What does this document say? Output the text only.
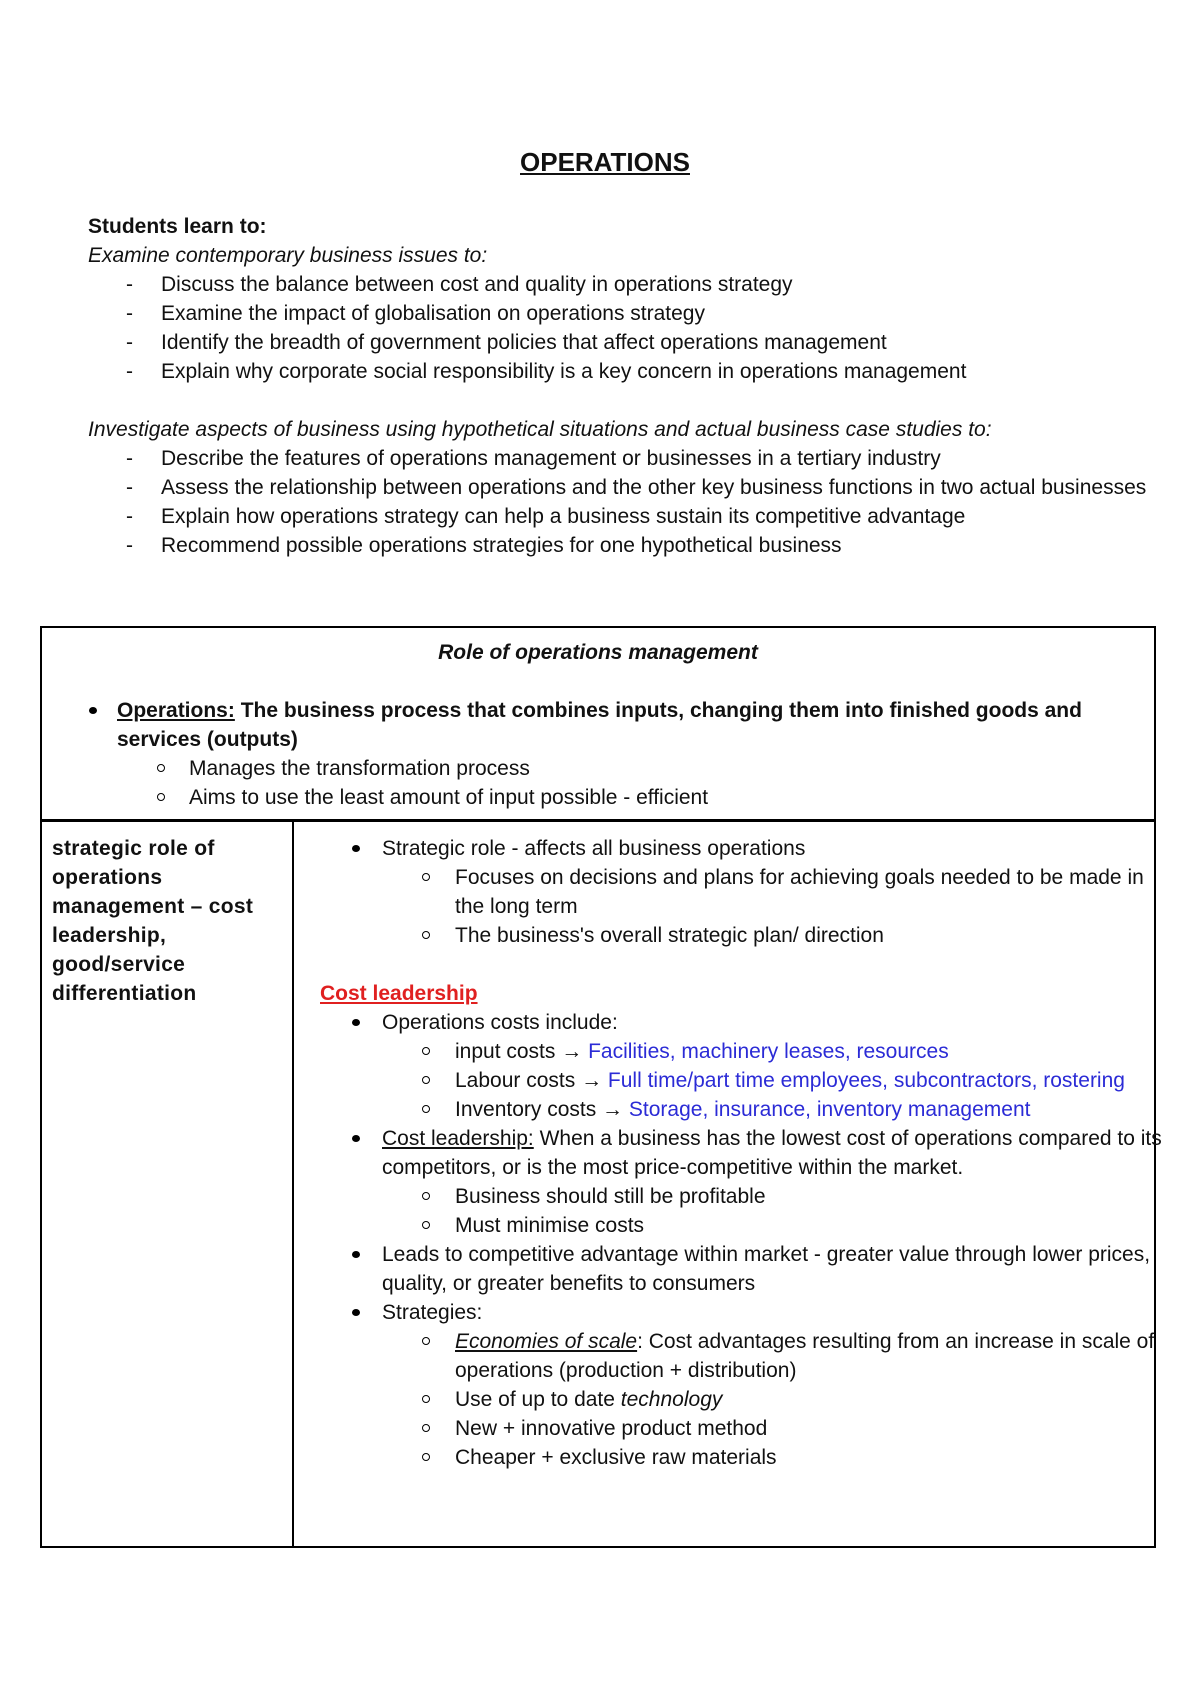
OPERATIONS

Students learn to:

Examine contemporary business issues to:

- Discuss the balance between cost and quality in operations strategy
- Examine the impact of globalisation on operations strategy
- Identify the breadth of government policies that affect operations management
- Explain why corporate social responsibility is a key concern in operations management

Investigate aspects of business using hypothetical situations and actual business case studies to:

- Describe the features of operations management or businesses in a tertiary industry
- Assess the relationship between operations and the other key business functions in two actual businesses
- Explain how operations strategy can help a business sustain its competitive advantage
- Recommend possible operations strategies for one hypothetical business
Role of operations management
Operations: The business process that combines inputs, changing them into finished goods and services (outputs)
Manages the transformation process
Aims to use the least amount of input possible - efficient
strategic role of operations management – cost leadership, good/service differentiation
Strategic role - affects all business operations
Focuses on decisions and plans for achieving goals needed to be made in the long term
The business's overall strategic plan/ direction
Cost leadership
Operations costs include:
input costs → Facilities, machinery leases, resources
Labour costs → Full time/part time employees, subcontractors, rostering
Inventory costs → Storage, insurance, inventory management
Cost leadership: When a business has the lowest cost of operations compared to its competitors, or is the most price-competitive within the market.
Business should still be profitable
Must minimise costs
Leads to competitive advantage within market - greater value through lower prices, quality, or greater benefits to consumers
Strategies:
Economies of scale: Cost advantages resulting from an increase in scale of operations (production + distribution)
Use of up to date technology
New + innovative product method
Cheaper + exclusive raw materials
